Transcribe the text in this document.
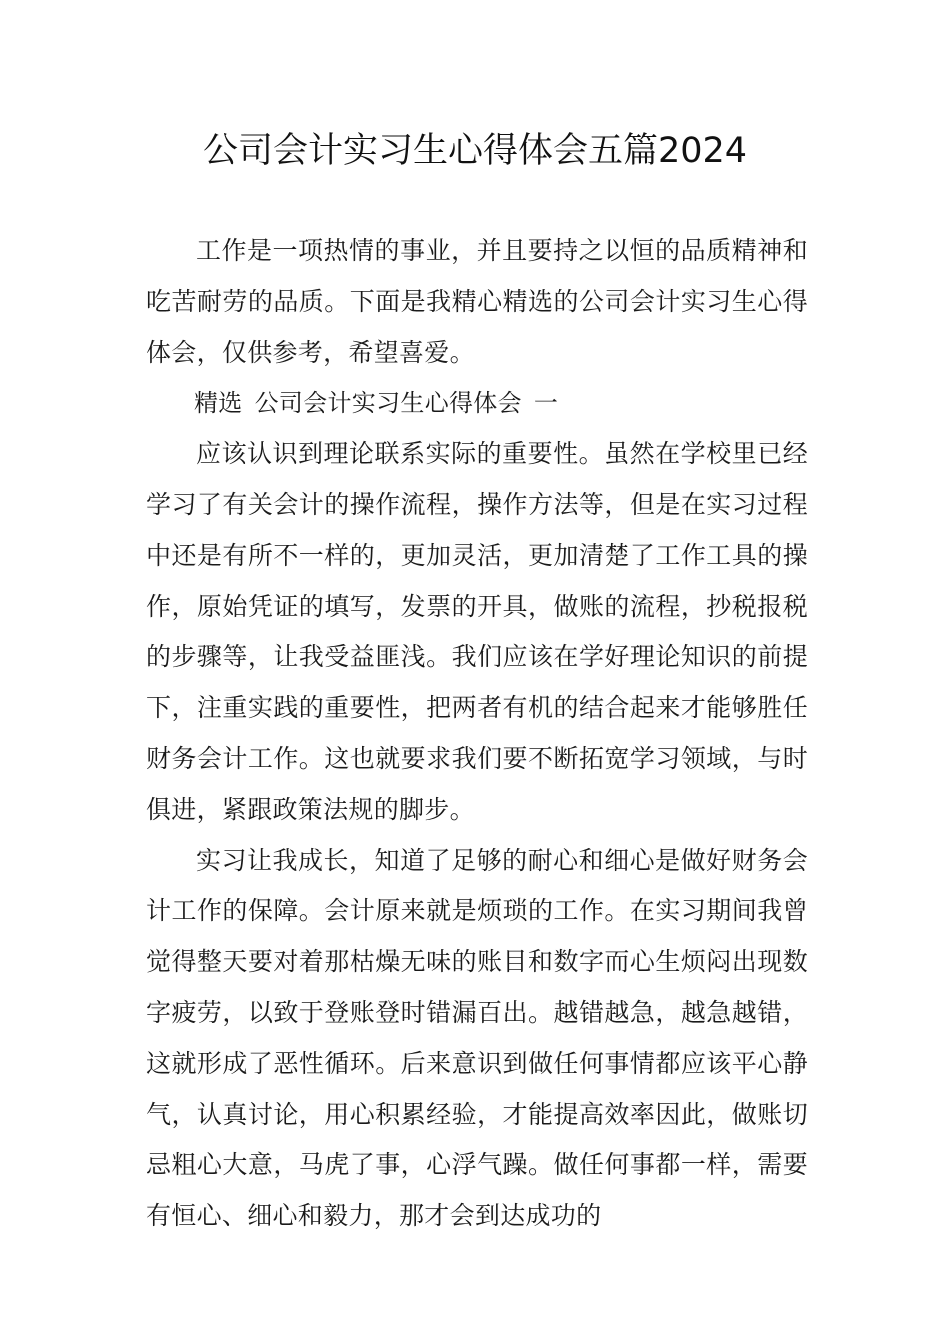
公司会计实习生心得体会五篇2024

工作是一项热情的事业，并且要持之以恒的品质精神和吃苦耐劳的品质。下面是我精心精选的公司会计实习生心得体会，仅供参考，希望喜爱。

精选 公司会计实习生心得体会 一

应该认识到理论联系实际的重要性。虽然在学校里已经学习了有关会计的操作流程，操作方法等，但是在实习过程中还是有所不一样的，更加灵活，更加清楚了工作工具的操作，原始凭证的填写，发票的开具，做账的流程，抄税报税的步骤等，让我受益匪浅。我们应该在学好理论知识的前提下，注重实践的重要性，把两者有机的结合起来才能够胜任财务会计工作。这也就要求我们要不断拓宽学习领域，与时俱进，紧跟政策法规的脚步。

实习让我成长，知道了足够的耐心和细心是做好财务会计工作的保障。会计原来就是烦琐的工作。在实习期间我曾觉得整天要对着那枯燥无味的账目和数字而心生烦闷出现数字疲劳，以致于登账登时错漏百出。越错越急，越急越错，这就形成了恶性循环。后来意识到做任何事情都应该平心静气，认真讨论，用心积累经验，才能提高效率因此，做账切忌粗心大意，马虎了事，心浮气躁。做任何事都一样，需要有恒心、细心和毅力，那才会到达成功的
